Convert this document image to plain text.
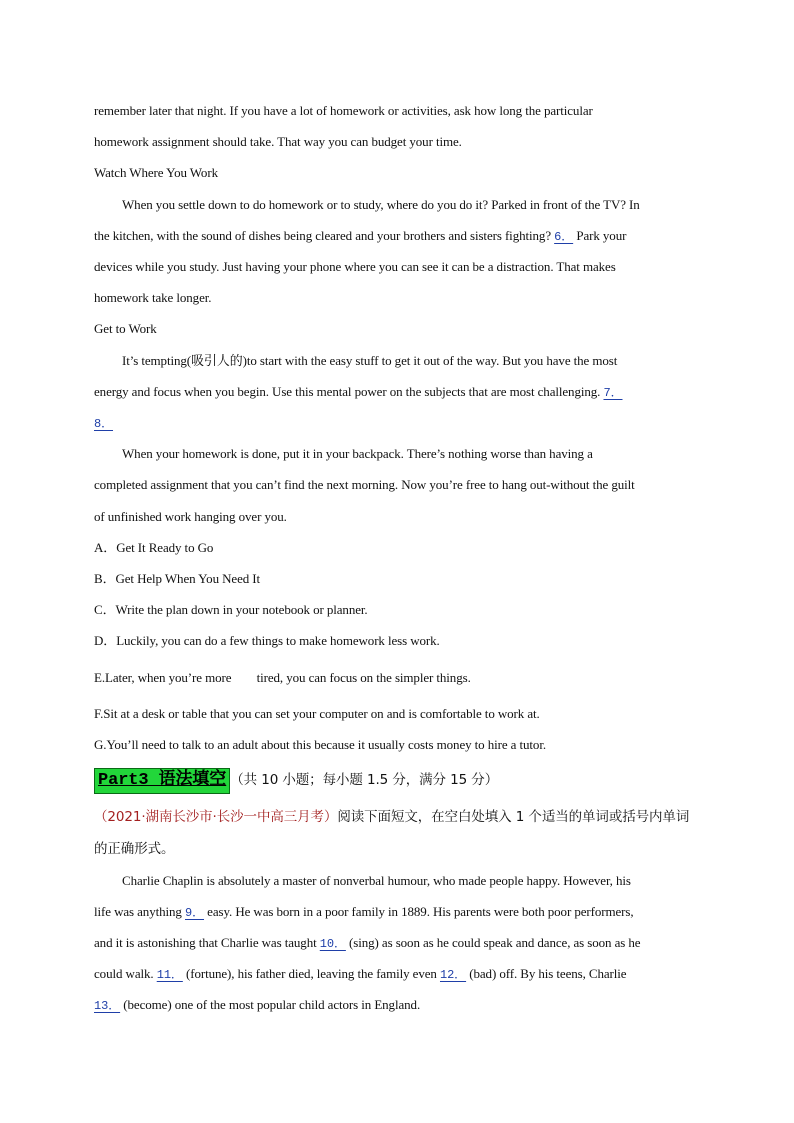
remember later that night. If you have a lot of homework or activities, ask how long the particular
homework assignment should take. That way you can budget your time.
Watch Where You Work
When you settle down to do homework or to study, where do you do it? Parked in front of the TV? In
the kitchen, with the sound of dishes being cleared and your brothers and sisters fighting? 6． Park your
devices while you study. Just having your phone where you can see it can be a distraction. That makes
homework take longer.
Get to Work
It’s tempting(吸引人的)to start with the easy stuff to get it out of the way. But you have the most
energy and focus when you begin. Use this mental power on the subjects that are most challenging. 7．
8．
When your homework is done, put it in your backpack. There’s nothing worse than having a
completed assignment that you can’t find the next morning. Now you’re free to hang out-without the guilt
of unfinished work hanging over you.
A．Get It Ready to Go
B．Get Help When You Need It
C．Write the plan down in your notebook or planner.
D．Luckily, you can do a few things to make homework less work.
E.Later, when you’re more        tired, you can focus on the simpler things.
F.Sit at a desk or table that you can set your computer on and is comfortable to work at.
G.You’ll need to talk to an adult about this because it usually costs money to hire a tutor.
Part3 语法填空 （共 10 小题；每小题 1.5 分，满分 15 分）
（2021·湖南长沙市·长沙一中高三月考）阅读下面短文，在空白处填入 1 个适当的单词或括号内单词
的正确形式。
Charlie Chaplin is absolutely a master of nonverbal humour, who made people happy. However, his
life was anything 9． easy. He was born in a poor family in 1889. His parents were both poor performers,
and it is astonishing that Charlie was taught 10． (sing) as soon as he could speak and dance, as soon as he
could walk. 11． (fortune), his father died, leaving the family even 12． (bad) off. By his teens, Charlie
13． (become) one of the most popular child actors in England.
